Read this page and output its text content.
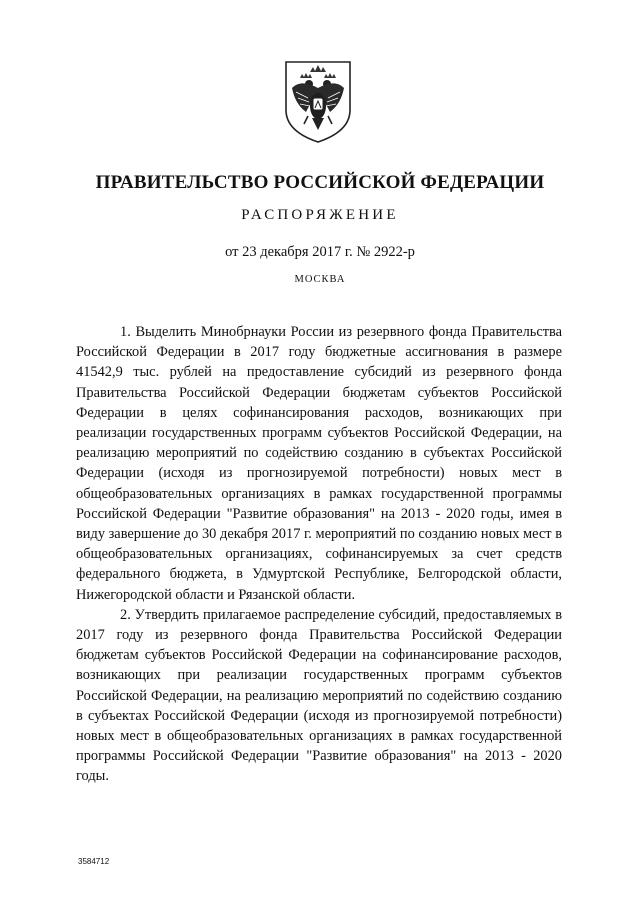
ПРАВИТЕЛЬСТВО РОССИЙСКОЙ ФЕДЕРАЦИИ
РАСПОРЯЖЕНИЕ
от 23 декабря 2017 г. № 2922-р
МОСКВА

1. Выделить Минобрнауки России из резервного фонда Правительства Российской Федерации в 2017 году бюджетные ассигнования в размере 41542,9 тыс. рублей на предоставление субсидий из резервного фонда Правительства Российской Федерации бюджетам субъектов Российской Федерации в целях софинансирования расходов, возникающих при реализации государственных программ субъектов Российской Федерации, на реализацию мероприятий по содействию созданию в субъектах Российской Федерации (исходя из прогнозируемой потребности) новых мест в общеобразовательных организациях в рамках государственной программы Российской Федерации "Развитие образования" на 2013 - 2020 годы, имея в виду завершение до 30 декабря 2017 г. мероприятий по созданию новых мест в общеобразовательных организациях, софинансируемых за счет средств федерального бюджета, в Удмуртской Республике, Белгородской области, Нижегородской области и Рязанской области.

2. Утвердить прилагаемое распределение субсидий, предоставляемых в 2017 году из резервного фонда Правительства Российской Федерации бюджетам субъектов Российской Федерации на софинансирование расходов, возникающих при реализации государственных программ субъектов Российской Федерации, на реализацию мероприятий по содействию созданию в субъектах Российской Федерации (исходя из прогнозируемой потребности) новых мест в общеобразовательных организациях в рамках государственной программы Российской Федерации "Развитие образования" на 2013 - 2020 годы.

3584712
